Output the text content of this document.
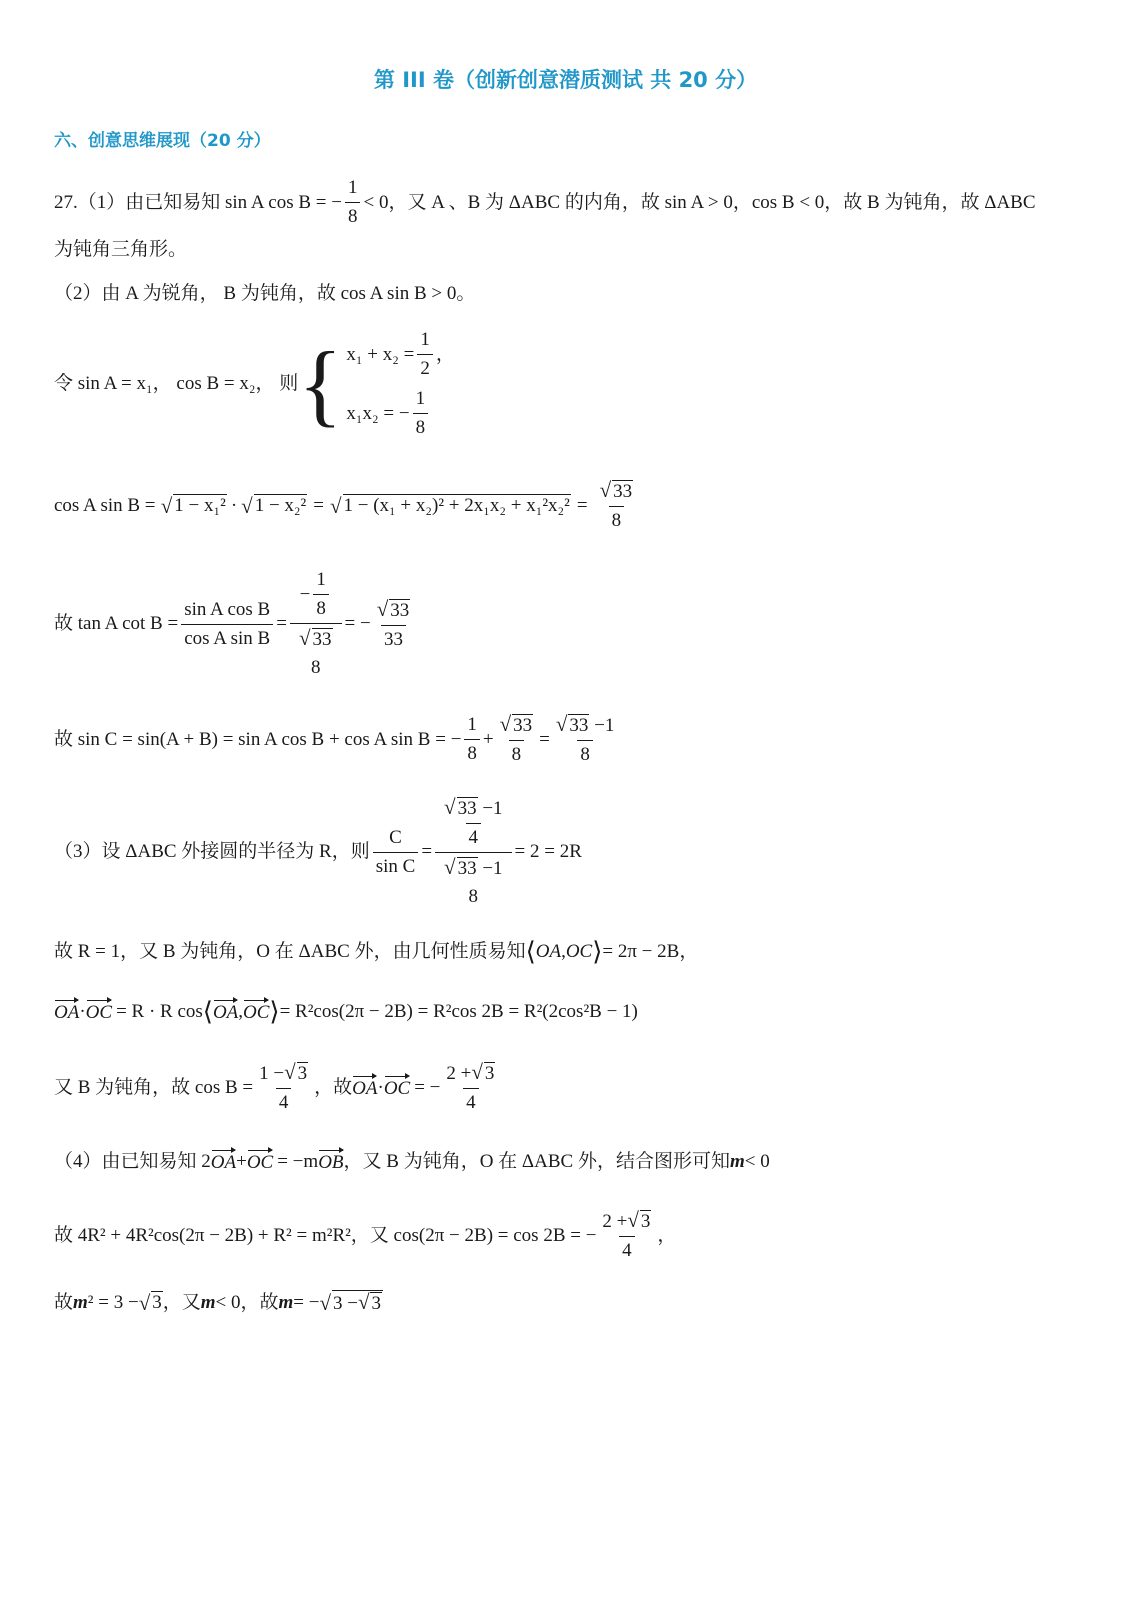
第 III 卷（创新创意潜质测试 共 20 分）
六、创意思维展现（20 分）
27.（1）由已知易知 sin A cos B = − $\frac{1}{8} < 0$，又 A 、B 为 ΔABC 的内角，故 sin A > 0，cos B < 0，故 B 为钝角，故 ΔABC
为钝角三角形。
（2）由 A 为锐角， B 为钝角，故 cos A sin B > 0。
令 sin A = x₁， cos B = x₂， 则 { $x_1 + x_2 = \frac{1}{2}$ ，
x₁x₂ = − $\frac{1}{8}$
cos A sin B = √ 1 − x₁² · √ 1 − x₂² = √ $1 - (x_1 + x_2)^2 + 2x_1x_2 + x_1^2x_2^2 = \frac{√ 33}{8}$
故 tan A $\cot B = \frac{\text{sin A cos B}}{\text{cos A sin B}}$ = − $\frac{1}{8}$
√ 33
8 = − $\frac{√ 33}{33}$
故 sin C = sin(A + B) = sin A cos B + cos A sin B = − $\frac{1}{8} + \frac{√ 33}{8} = \frac{√ 33 -1}{8}$
（3）设 ΔABC 外接圆的半径为 R，则 $\frac{C}{\text{sin C}} = \frac{√ 33 -1}{4}$
√ 33 −1
8 = 2 = 2R
故 R = 1，又 B 为钝角，O 在 ΔABC 外，由几何性质易知 ⟨ OA , OC ⟩ = 2π − 2B，
OA · OC = R · R cos ⟨ OA , OC ⟩ = R²cos(2π − 2B) = R²cos 2B = R²(2cos²B − 1)
又 B 为钝角，故 $\cos B = \frac{1 -√ 3}{4}$ ，故 OA · OC = − $\frac{2 +√ 3}{4}$
（4）由已知易知 2 OA + OC = −m OB ，又 B 为钝角，O 在 ΔABC 外，结合图形可知 m < 0
故 4R² + 4R²cos(2π − 2B) + R² = m²R²，又 cos(2π − 2B) = cos 2B = − $\frac{2 +√ 3}{4}$ ，
故 m ² = 3 − √ 3 ，又 m < 0，故 m = − √ 3 −√ 3
